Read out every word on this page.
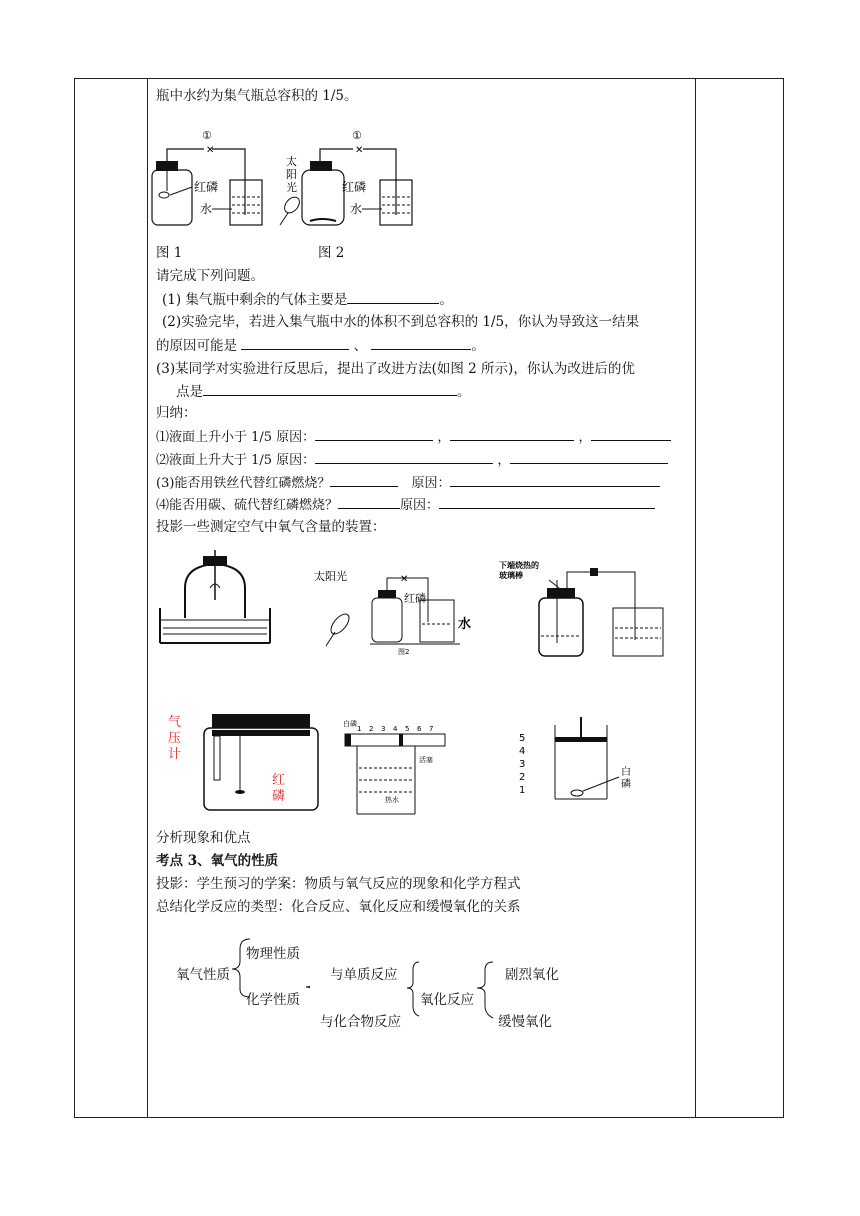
瓶中水约为集气瓶总容积的 1/5。
✕
①
红磷
水
✕
①
太
阳
光	红磷
水
图 1	图 2
请完成下列问题。
(1) 集气瓶中剩余的气体主要是	。
(2)实验完毕，若进入集气瓶中水的体积不到总容积的 1/5，你认为导致这一结果
的原因可能是	、	。
(3)某同学对实验进行反思后，提出了改进方法(如图 2 所示)，你认为改进后的优
点是	。
归纳：
⑴液面上升小于 1/5 原因：	，	，
⑵液面上升大于 1/5 原因：	，
(3)能否用铁丝代替红磷燃烧？　	原因：
⑷能否用碳、硫代替红磷燃烧？	原因：
投影一些测定空气中氧气含量的装置：
太阳光	✕
红磷
水
图2
下端烧热的
玻璃棒
气
压
计
红
磷
白磷
1 2 3 4 5 6 7
活塞
热水
5
4
3
2
1
白
磷
分析现象和优点
考点 3、氧气的性质
投影：学生预习的学案：物质与氧气反应的现象和化学方程式
总结化学反应的类型：化合反应、氧化反应和缓慢氧化的关系
氧气性质
物理性质
化学性质
与单质反应
与化合物反应
氧化反应
剧烈氧化
缓慢氧化
